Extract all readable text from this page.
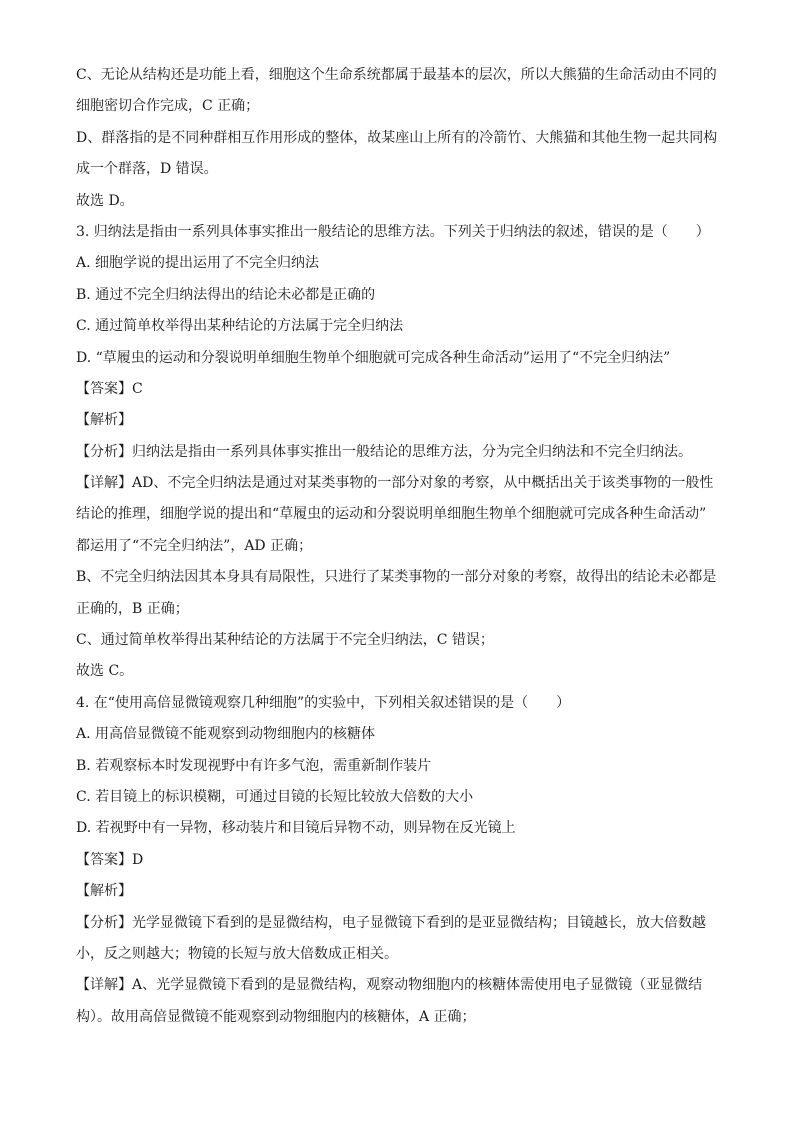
C、无论从结构还是功能上看，细胞这个生命系统都属于最基本的层次，所以大熊猫的生命活动由不同的
细胞密切合作完成，C 正确；
D、群落指的是不同种群相互作用形成的整体，故某座山上所有的冷箭竹、大熊猫和其他生物一起共同构
成一个群落，D 错误。
故选 D。
3. 归纳法是指由一系列具体事实推出一般结论的思维方法。下列关于归纳法的叙述，错误的是（　　）
A. 细胞学说的提出运用了不完全归纳法
B. 通过不完全归纳法得出的结论未必都是正确的
C. 通过简单枚举得出某种结论的方法属于完全归纳法
D. “草履虫的运动和分裂说明单细胞生物单个细胞就可完成各种生命活动”运用了“不完全归纳法”
【答案】C
【解析】
【分析】归纳法是指由一系列具体事实推出一般结论的思维方法，分为完全归纳法和不完全归纳法。
【详解】AD、不完全归纳法是通过对某类事物的一部分对象的考察，从中概括出关于该类事物的一般性
结论的推理，细胞学说的提出和“草履虫的运动和分裂说明单细胞生物单个细胞就可完成各种生命活动”
都运用了“不完全归纳法”，AD 正确；
B、不完全归纳法因其本身具有局限性，只进行了某类事物的一部分对象的考察，故得出的结论未必都是
正确的，B 正确；
C、通过简单枚举得出某种结论的方法属于不完全归纳法，C 错误；
故选 C。
4. 在“使用高倍显微镜观察几种细胞”的实验中，下列相关叙述错误的是（　　）
A. 用高倍显微镜不能观察到动物细胞内的核糖体
B. 若观察标本时发现视野中有许多气泡，需重新制作装片
C. 若目镜上的标识模糊，可通过目镜的长短比较放大倍数的大小
D. 若视野中有一异物，移动装片和目镜后异物不动，则异物在反光镜上
【答案】D
【解析】
【分析】光学显微镜下看到的是显微结构，电子显微镜下看到的是亚显微结构；目镜越长，放大倍数越
小，反之则越大；物镜的长短与放大倍数成正相关。
【详解】A、光学显微镜下看到的是显微结构，观察动物细胞内的核糖体需使用电子显微镜（亚显微结
构）。故用高倍显微镜不能观察到动物细胞内的核糖体，A 正确；
